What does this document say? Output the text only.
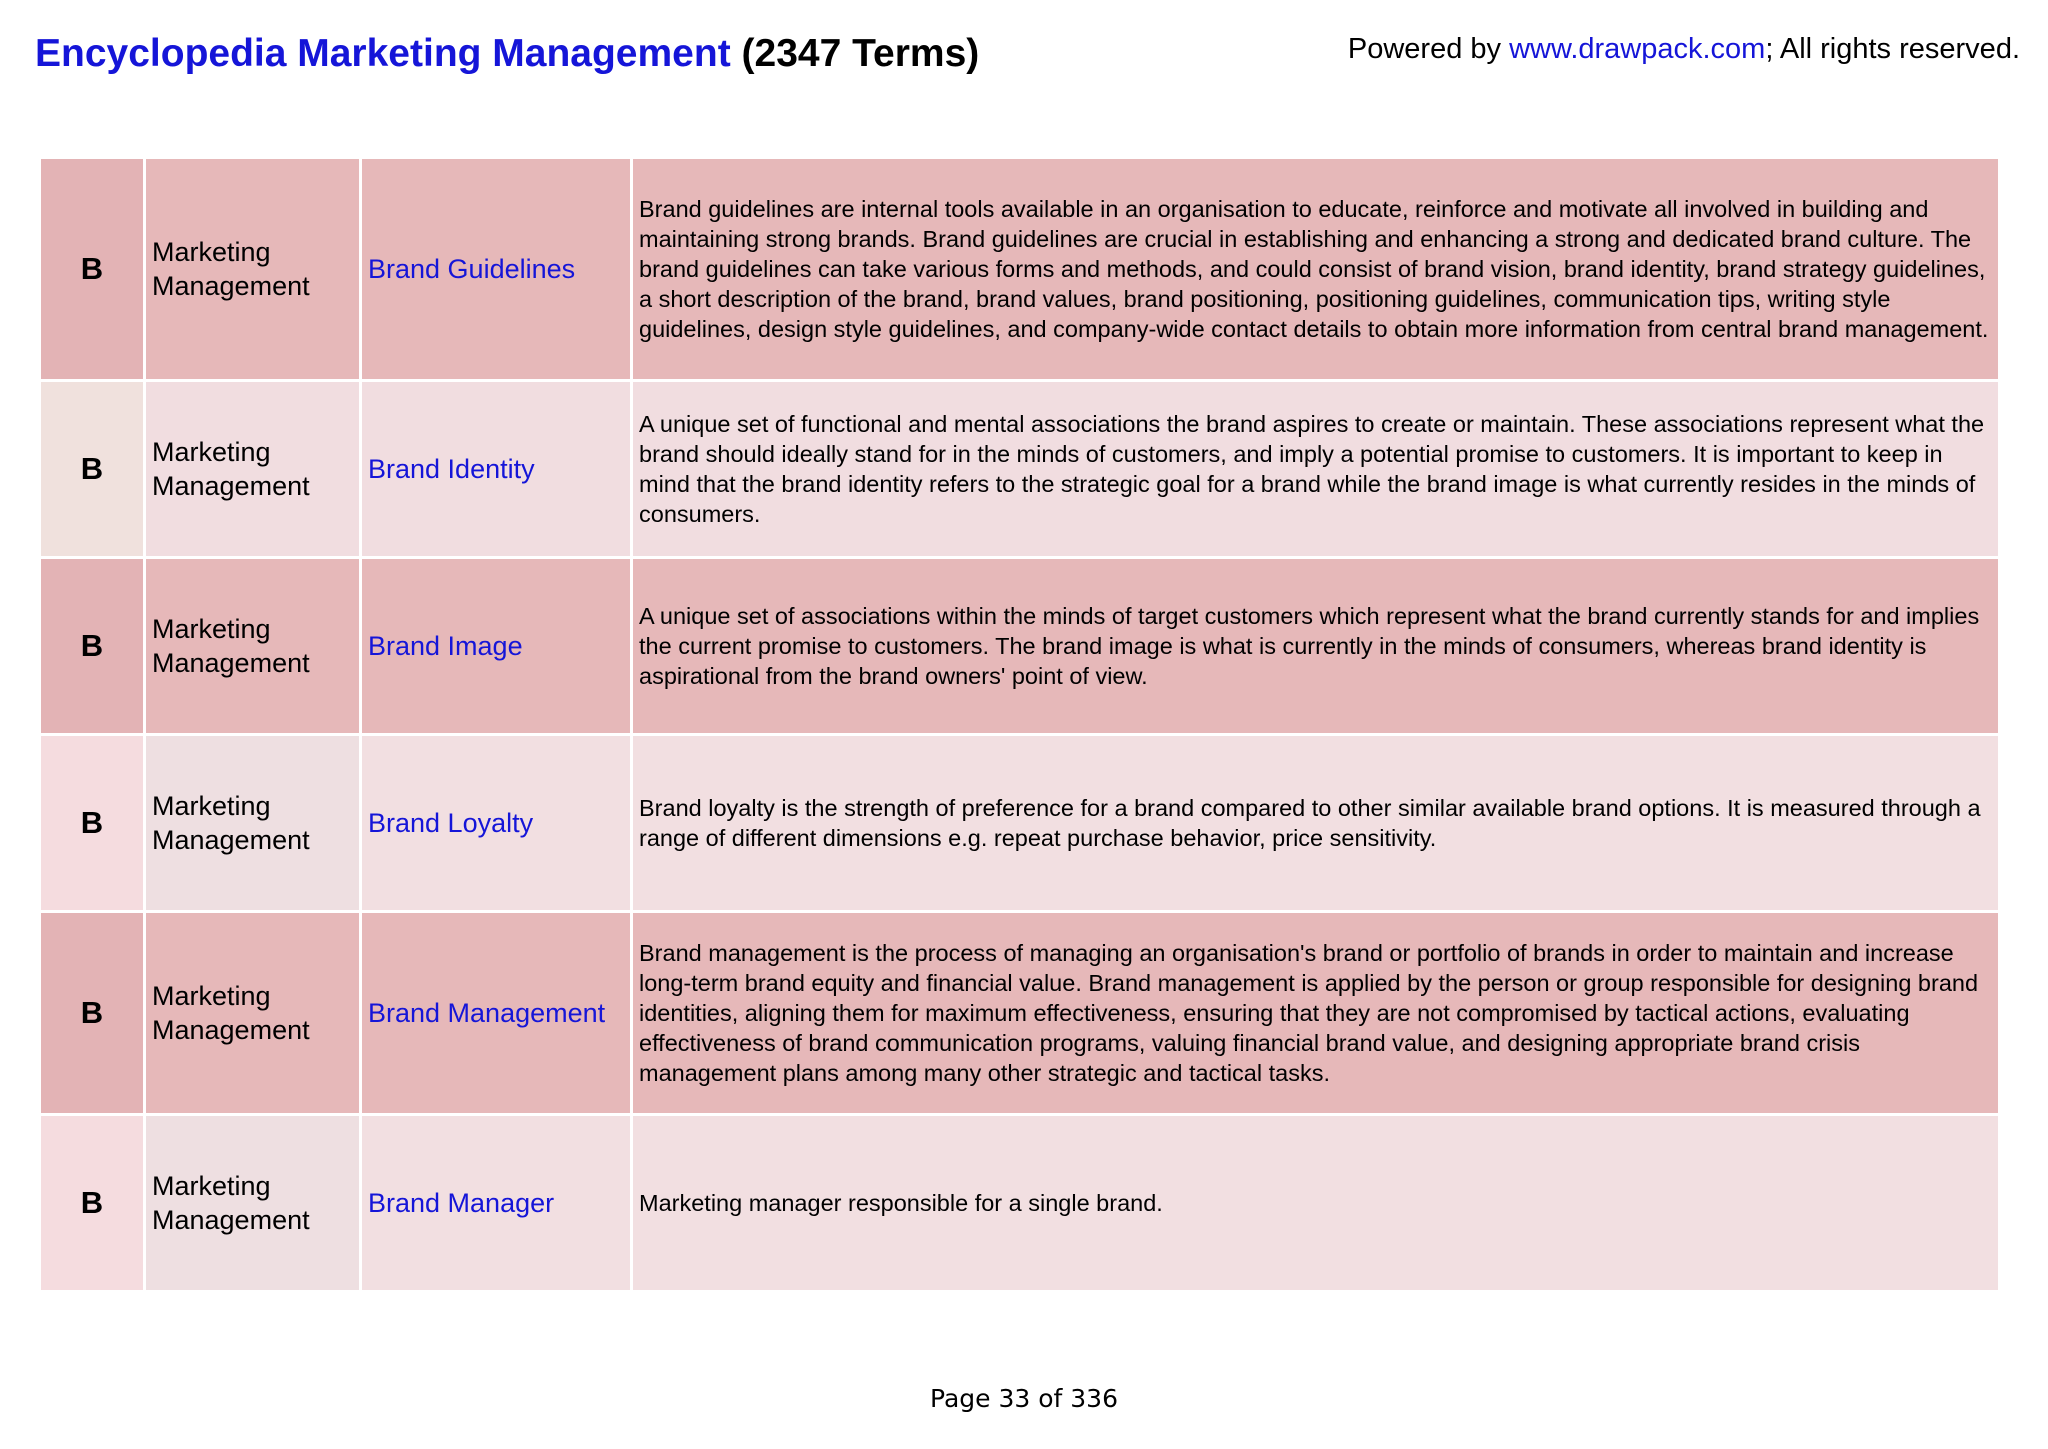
Encyclopedia Marketing Management (2347 Terms)	Powered by www.drawpack.com; All rights reserved.
B	Marketing Management	Brand Guidelines	Brand guidelines are internal tools available in an organisation to educate, reinforce and motivate all involved in building and maintaining strong brands. Brand guidelines are crucial in establishing and enhancing a strong and dedicated brand culture. The brand guidelines can take various forms and methods, and could consist of brand vision, brand identity, brand strategy guidelines, a short description of the brand, brand values, brand positioning, positioning guidelines, communication tips, writing style guidelines, design style guidelines, and company-wide contact details to obtain more information from central brand management.
B	Marketing Management	Brand Identity	A unique set of functional and mental associations the brand aspires to create or maintain. These associations represent what the brand should ideally stand for in the minds of customers, and imply a potential promise to customers. It is important to keep in mind that the brand identity refers to the strategic goal for a brand while the brand image is what currently resides in the minds of consumers.
B	Marketing Management	Brand Image	A unique set of associations within the minds of target customers which represent what the brand currently stands for and implies the current promise to customers. The brand image is what is currently in the minds of consumers, whereas brand identity is aspirational from the brand owners' point of view.
B	Marketing Management	Brand Loyalty	Brand loyalty is the strength of preference for a brand compared to other similar available brand options. It is measured through a range of different dimensions e.g. repeat purchase behavior, price sensitivity.
B	Marketing Management	Brand Management	Brand management is the process of managing an organisation's brand or portfolio of brands in order to maintain and increase long-term brand equity and financial value. Brand management is applied by the person or group responsible for designing brand identities, aligning them for maximum effectiveness, ensuring that they are not compromised by tactical actions, evaluating effectiveness of brand communication programs, valuing financial brand value, and designing appropriate brand crisis management plans among many other strategic and tactical tasks.
B	Marketing Management	Brand Manager	Marketing manager responsible for a single brand.
Page 33 of 336
